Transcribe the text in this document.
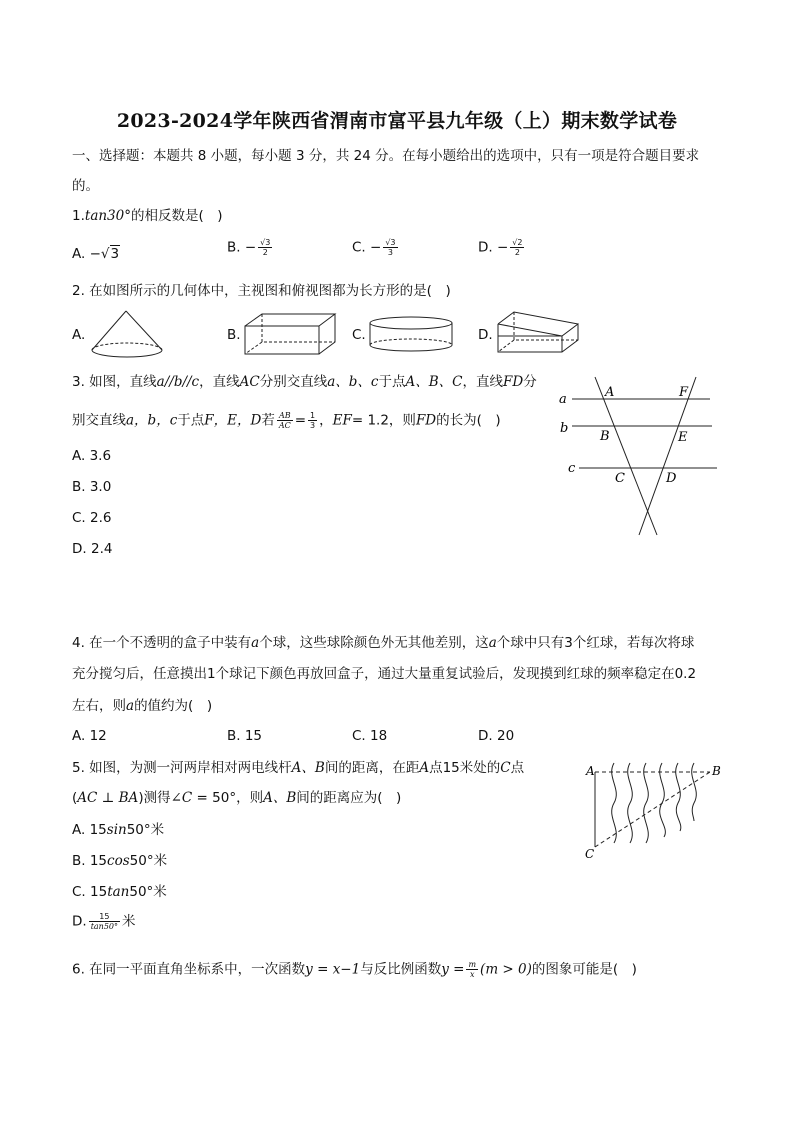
2023-2024学年陕西省渭南市富平县九年级（上）期末数学试卷
一、选择题：本题共 8 小题，每小题 3 分，共 24 分。在每小题给出的选项中，只有一项是符合题目要求
的。
1.tan30°的相反数是(　)
A. −√3	B. − $\frac{√3}{2}$	C. − $\frac{√3}{3}$	D. − $\frac{√2}{2}$
2. 在如图所示的几何体中，主视图和俯视图都为长方形的是(　)
A.	B.	C.	D.
3. 如图，直线a//b//c，直线AC分别交直线a、b、c于点A、B、C，直线FD分
别交直线a，b，c于点F，E，D若 $\frac{AB}{AC} = \frac{1}{3}$ ，EF= 1.2，则FD的长为(　)
A. 3.6
B. 3.0
C. 2.6
D. 2.4
a
b
c
A	F
B	E
C	D
4. 在一个不透明的盒子中装有a个球，这些球除颜色外无其他差别，这a个球中只有3个红球，若每次将球
充分搅匀后，任意摸出1个球记下颜色再放回盒子，通过大量重复试验后，发现摸到红球的频率稳定在0.2
左右，则a的值约为(　)
A. 12	B. 15	C. 18	D. 20
5. 如图，为测一河两岸相对两电线杆A、B间的距离，在距A点15米处的C点
(AC ⊥ BA)测得∠C = 50°，则A、B间的距离应为(　)
A. 15sin50°米
B. 15cos50°米
C. 15tan50°米
D. $\frac{15}{\tan 50^\circ}$ 米
A	B
C
6. 在同一平面直角坐标系中，一次函数y = x−1与反比例函数$y = \frac{m}{x} (m > 0)$的图象可能是(　)
